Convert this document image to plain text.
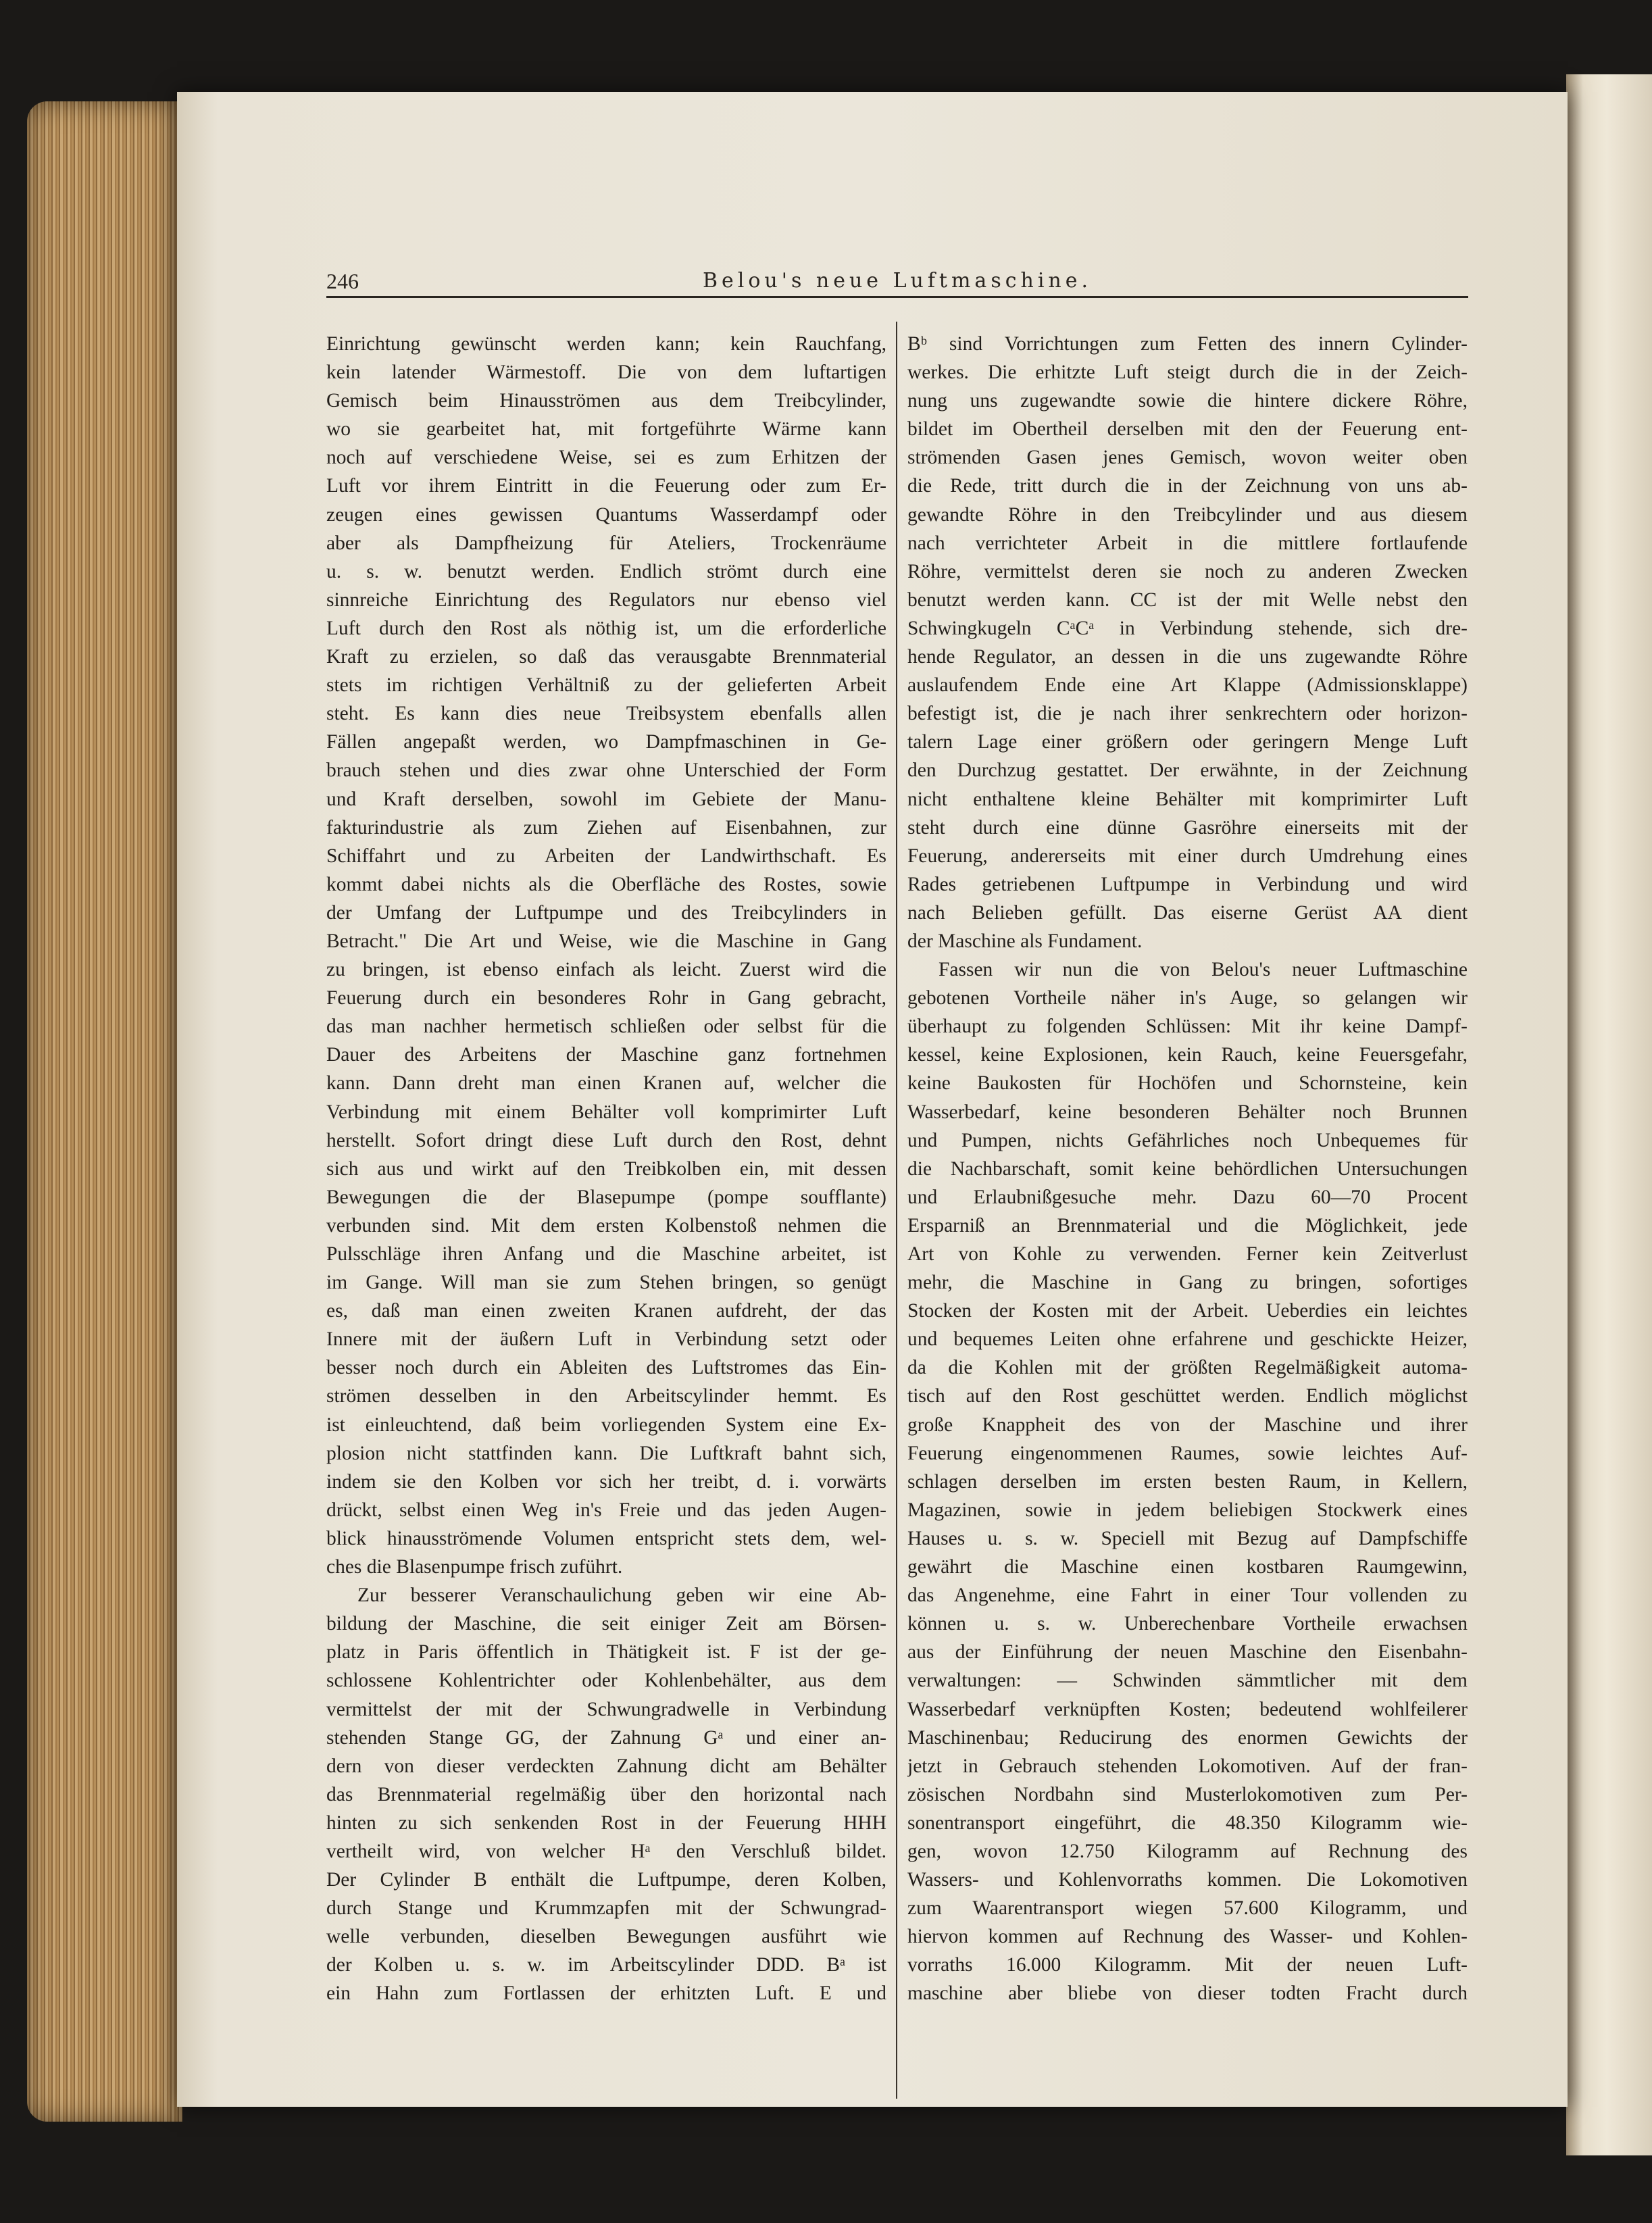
246	Belou's neue Luftmaschine.
Einrichtung gewünscht werden kann; kein Rauchfang,
kein latender Wärmestoff. Die von dem luftartigen
Gemisch beim Hinausströmen aus dem Treibcylinder,
wo sie gearbeitet hat, mit fortgeführte Wärme kann
noch auf verschiedene Weise, sei es zum Erhitzen der
Luft vor ihrem Eintritt in die Feuerung oder zum Er-
zeugen eines gewissen Quantums Wasserdampf oder
aber als Dampfheizung für Ateliers, Trockenräume
u. s. w. benutzt werden. Endlich strömt durch eine
sinnreiche Einrichtung des Regulators nur ebenso viel
Luft durch den Rost als nöthig ist, um die erforderliche
Kraft zu erzielen, so daß das verausgabte Brennmaterial
stets im richtigen Verhältniß zu der gelieferten Arbeit
steht. Es kann dies neue Treibsystem ebenfalls allen
Fällen angepaßt werden, wo Dampfmaschinen in Ge-
brauch stehen und dies zwar ohne Unterschied der Form
und Kraft derselben, sowohl im Gebiete der Manu-
fakturindustrie als zum Ziehen auf Eisenbahnen, zur
Schiffahrt und zu Arbeiten der Landwirthschaft. Es
kommt dabei nichts als die Oberfläche des Rostes, sowie
der Umfang der Luftpumpe und des Treibcylinders in
Betracht." Die Art und Weise, wie die Maschine in Gang
zu bringen, ist ebenso einfach als leicht. Zuerst wird die
Feuerung durch ein besonderes Rohr in Gang gebracht,
das man nachher hermetisch schließen oder selbst für die
Dauer des Arbeitens der Maschine ganz fortnehmen
kann. Dann dreht man einen Kranen auf, welcher die
Verbindung mit einem Behälter voll komprimirter Luft
herstellt. Sofort dringt diese Luft durch den Rost, dehnt
sich aus und wirkt auf den Treibkolben ein, mit dessen
Bewegungen die der Blasepumpe (pompe soufflante)
verbunden sind. Mit dem ersten Kolbenstoß nehmen die
Pulsschläge ihren Anfang und die Maschine arbeitet, ist
im Gange. Will man sie zum Stehen bringen, so genügt
es, daß man einen zweiten Kranen aufdreht, der das
Innere mit der äußern Luft in Verbindung setzt oder
besser noch durch ein Ableiten des Luftstromes das Ein-
strömen desselben in den Arbeitscylinder hemmt. Es
ist einleuchtend, daß beim vorliegenden System eine Ex-
plosion nicht stattfinden kann. Die Luftkraft bahnt sich,
indem sie den Kolben vor sich her treibt, d. i. vorwärts
drückt, selbst einen Weg in's Freie und das jeden Augen-
blick hinausströmende Volumen entspricht stets dem, wel-
ches die Blasenpumpe frisch zuführt.
Zur besserer Veranschaulichung geben wir eine Ab-
bildung der Maschine, die seit einiger Zeit am Börsen-
platz in Paris öffentlich in Thätigkeit ist. F ist der ge-
schlossene Kohlentrichter oder Kohlenbehälter, aus dem
vermittelst der mit der Schwungradwelle in Verbindung
stehenden Stange GG, der Zahnung Gᵃ und einer an-
dern von dieser verdeckten Zahnung dicht am Behälter
das Brennmaterial regelmäßig über den horizontal nach
hinten zu sich senkenden Rost in der Feuerung HHH
vertheilt wird, von welcher Hᵃ den Verschluß bildet.
Der Cylinder B enthält die Luftpumpe, deren Kolben,
durch Stange und Krummzapfen mit der Schwungrad-
welle verbunden, dieselben Bewegungen ausführt wie
der Kolben u. s. w. im Arbeitscylinder DDD. Bᵃ ist
ein Hahn zum Fortlassen der erhitzten Luft. E und
Bᵇ sind Vorrichtungen zum Fetten des innern Cylinder-
werkes. Die erhitzte Luft steigt durch die in der Zeich-
nung uns zugewandte sowie die hintere dickere Röhre,
bildet im Obertheil derselben mit den der Feuerung ent-
strömenden Gasen jenes Gemisch, wovon weiter oben
die Rede, tritt durch die in der Zeichnung von uns ab-
gewandte Röhre in den Treibcylinder und aus diesem
nach verrichteter Arbeit in die mittlere fortlaufende
Röhre, vermittelst deren sie noch zu anderen Zwecken
benutzt werden kann. CC ist der mit Welle nebst den
Schwingkugeln CᵃCᵃ in Verbindung stehende, sich dre-
hende Regulator, an dessen in die uns zugewandte Röhre
auslaufendem Ende eine Art Klappe (Admissionsklappe)
befestigt ist, die je nach ihrer senkrechtern oder horizon-
talern Lage einer größern oder geringern Menge Luft
den Durchzug gestattet. Der erwähnte, in der Zeichnung
nicht enthaltene kleine Behälter mit komprimirter Luft
steht durch eine dünne Gasröhre einerseits mit der
Feuerung, andererseits mit einer durch Umdrehung eines
Rades getriebenen Luftpumpe in Verbindung und wird
nach Belieben gefüllt. Das eiserne Gerüst AA dient
der Maschine als Fundament.
Fassen wir nun die von Belou's neuer Luftmaschine
gebotenen Vortheile näher in's Auge, so gelangen wir
überhaupt zu folgenden Schlüssen: Mit ihr keine Dampf-
kessel, keine Explosionen, kein Rauch, keine Feuersgefahr,
keine Baukosten für Hochöfen und Schornsteine, kein
Wasserbedarf, keine besonderen Behälter noch Brunnen
und Pumpen, nichts Gefährliches noch Unbequemes für
die Nachbarschaft, somit keine behördlichen Untersuchungen
und Erlaubnißgesuche mehr. Dazu 60—70 Procent
Ersparniß an Brennmaterial und die Möglichkeit, jede
Art von Kohle zu verwenden. Ferner kein Zeitverlust
mehr, die Maschine in Gang zu bringen, sofortiges
Stocken der Kosten mit der Arbeit. Ueberdies ein leichtes
und bequemes Leiten ohne erfahrene und geschickte Heizer,
da die Kohlen mit der größten Regelmäßigkeit automa-
tisch auf den Rost geschüttet werden. Endlich möglichst
große Knappheit des von der Maschine und ihrer
Feuerung eingenommenen Raumes, sowie leichtes Auf-
schlagen derselben im ersten besten Raum, in Kellern,
Magazinen, sowie in jedem beliebigen Stockwerk eines
Hauses u. s. w. Speciell mit Bezug auf Dampfschiffe
gewährt die Maschine einen kostbaren Raumgewinn,
das Angenehme, eine Fahrt in einer Tour vollenden zu
können u. s. w. Unberechenbare Vortheile erwachsen
aus der Einführung der neuen Maschine den Eisenbahn-
verwaltungen: — Schwinden sämmtlicher mit dem
Wasserbedarf verknüpften Kosten; bedeutend wohlfeilerer
Maschinenbau; Reducirung des enormen Gewichts der
jetzt in Gebrauch stehenden Lokomotiven. Auf der fran-
zösischen Nordbahn sind Musterlokomotiven zum Per-
sonentransport eingeführt, die 48.350 Kilogramm wie-
gen, wovon 12.750 Kilogramm auf Rechnung des
Wassers- und Kohlenvorraths kommen. Die Lokomotiven
zum Waarentransport wiegen 57.600 Kilogramm, und
hiervon kommen auf Rechnung des Wasser- und Kohlen-
vorraths 16.000 Kilogramm. Mit der neuen Luft-
maschine aber bliebe von dieser todten Fracht durch
